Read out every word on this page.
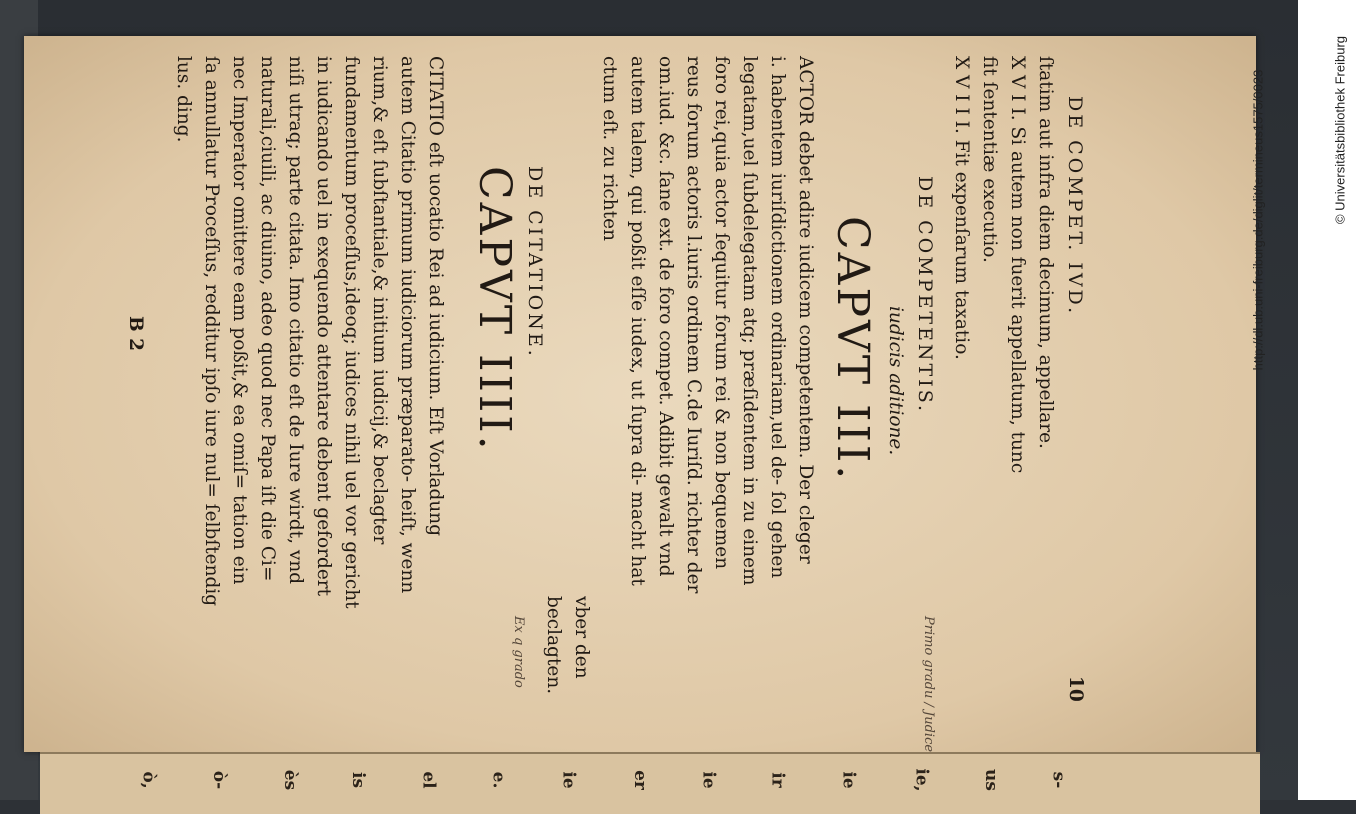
ò,	ò-	ès	is	el	e.	ie	er	ie	ir	ie	ie,	us	s-
DE COMPET. IVD.
10
ſtatim aut infra diem decimum, appellare.
X V I I. Si autem non fuerit appellatum, tunc
fit ſententiæ executio.
X V I I I. Fit expenſarum taxatio.
DE COMPETENTIS.
iudicis aditione.
CAPVT III.
ACTOR debet adire iudicem competentem. Der cleger
i. habentem iuriſdictionem ordinariam,uel de- ſol gehen
legatam,uel ſubdelegatam atq; præſidentem in zu einem
foro rei,quia actor ſequitur forum rei & non bequemen
reus forum actoris l.iuris ordinem C.de Iuriſd. richter der
om.iud. &c. ſane ext. de foro compet. Adibit gewalt vnd
autem talem, qui poßit eſſe iudex, ut ſupra di- macht hat
ctum eſt. zu richten
vber den
beclagten.
DE CITATIONE.
CAPVT IIII.
CITATIO eſt uocatio Rei ad iudicium. Eſt Vorladung
autem Citatio primum iudiciorum præparato- heiſt, wenn
rium,& eſt ſubſtantiale,& initium iudicij,& beclagter
fundamentum proceſſus,ideoq; iudices nihil uel vor gericht
in iudicando uel in exequendo attentare debent gefordert
niſi utraq; parte citata. Imo citatio eſt de Iure wirdt, vnd
naturali,ciuili, ac diuino, adeo quod nec Papa iſt die Ci=
nec Imperator omittere eam poßit,& ea omiſ= tation ein
ſa annullatur Proceſſus, redditur ipſo iure nul= ſelbſtendig
lus. ding.
B 2
Primo gradu / Judice
Ex q grado
http://dl.ub.uni-freiburg.de/diglit/termineus1575/0023	© Universitätsbibliothek Freiburg
